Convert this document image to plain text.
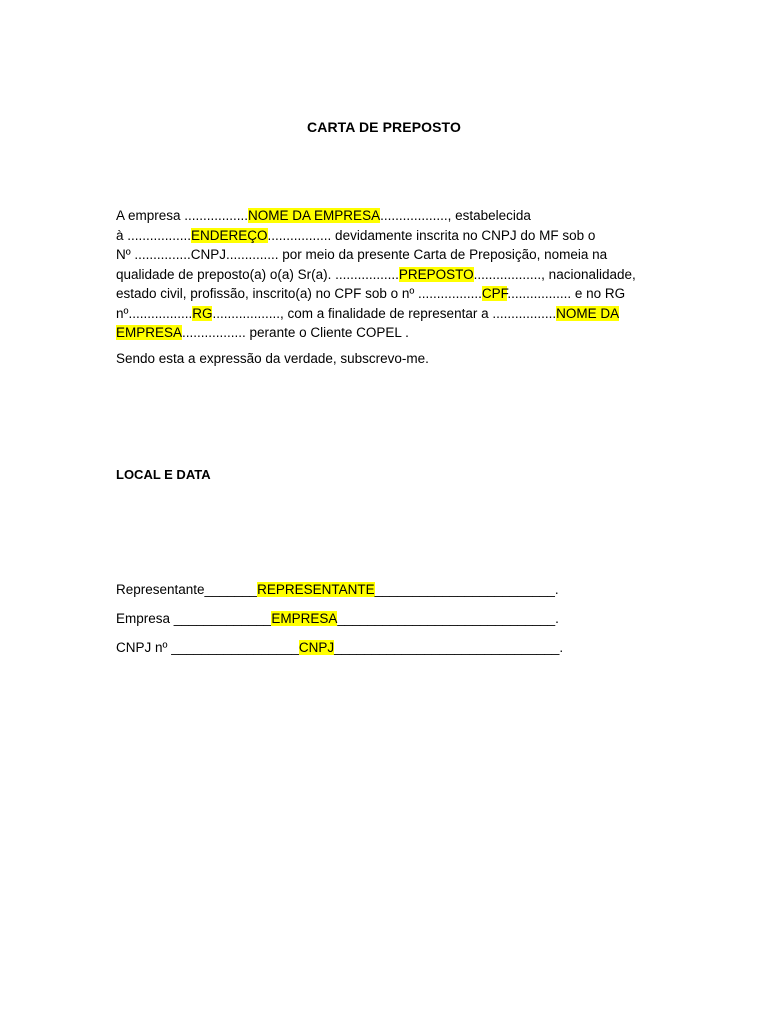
CARTA DE PREPOSTO
A empresa .................NOME DA EMPRESA.................., estabelecida
à .................ENDEREÇO................. devidamente inscrita no CNPJ do MF sob o
Nº ...............CNPJ.............. por meio da presente Carta de Preposição, nomeia na
qualidade de preposto(a) o(a) Sr(a). .................PREPOSTO.................., nacionalidade,
estado civil, profissão, inscrito(a) no CPF sob o nº .................CPF................. e no RG
nº.................RG.................., com a finalidade de representar a .................NOME DA
EMPRESA................. perante o Cliente COPEL .
Sendo esta a expressão da verdade, subscrevo-me.
LOCAL E DATA
Representante_______REPRESENTANTE________________________.
Empresa _____________EMPRESA_____________________________.
CNPJ nº _________________CNPJ______________________________.
